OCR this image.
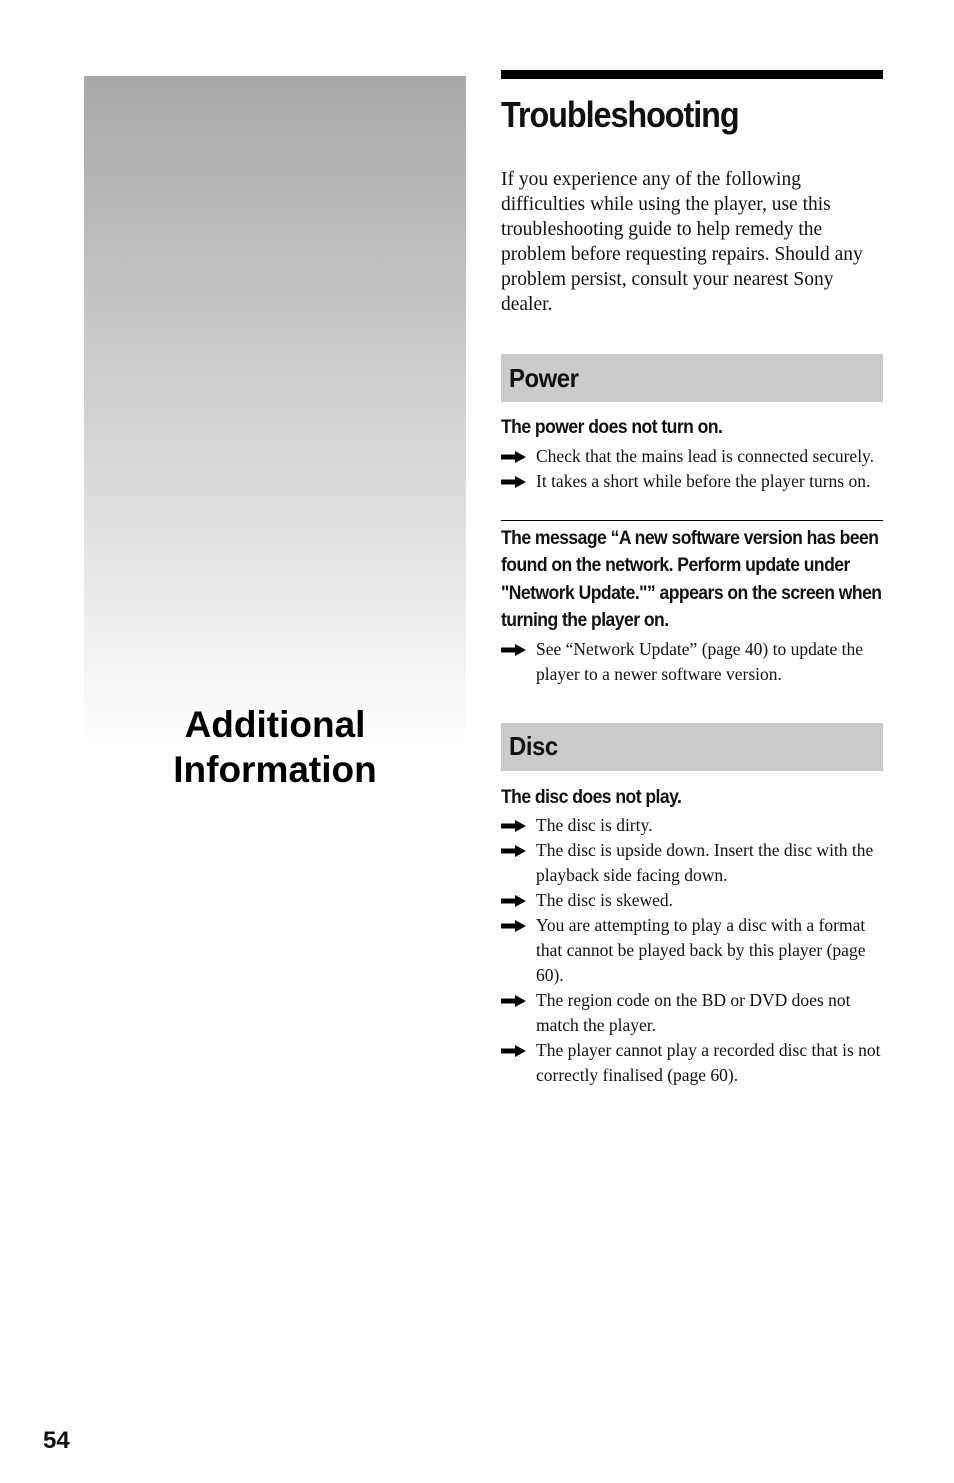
Additional
Information
Troubleshooting

If you experience any of the following difficulties while using the player, use this troubleshooting guide to help remedy the problem before requesting repairs. Should any problem persist, consult your nearest Sony dealer.

Power
The power does not turn on.
Check that the mains lead is connected securely.
It takes a short while before the player turns on.
The message “A new software version has been found on the network. Perform update under "Network Update."” appears on the screen when turning the player on.
See “Network Update” (page 40) to update the player to a newer software version.
Disc
The disc does not play.
The disc is dirty.
The disc is upside down. Insert the disc with the playback side facing down.
The disc is skewed.
You are attempting to play a disc with a format that cannot be played back by this player (page 60).
The region code on the BD or DVD does not match the player.
The player cannot play a recorded disc that is not correctly finalised (page 60).

54
